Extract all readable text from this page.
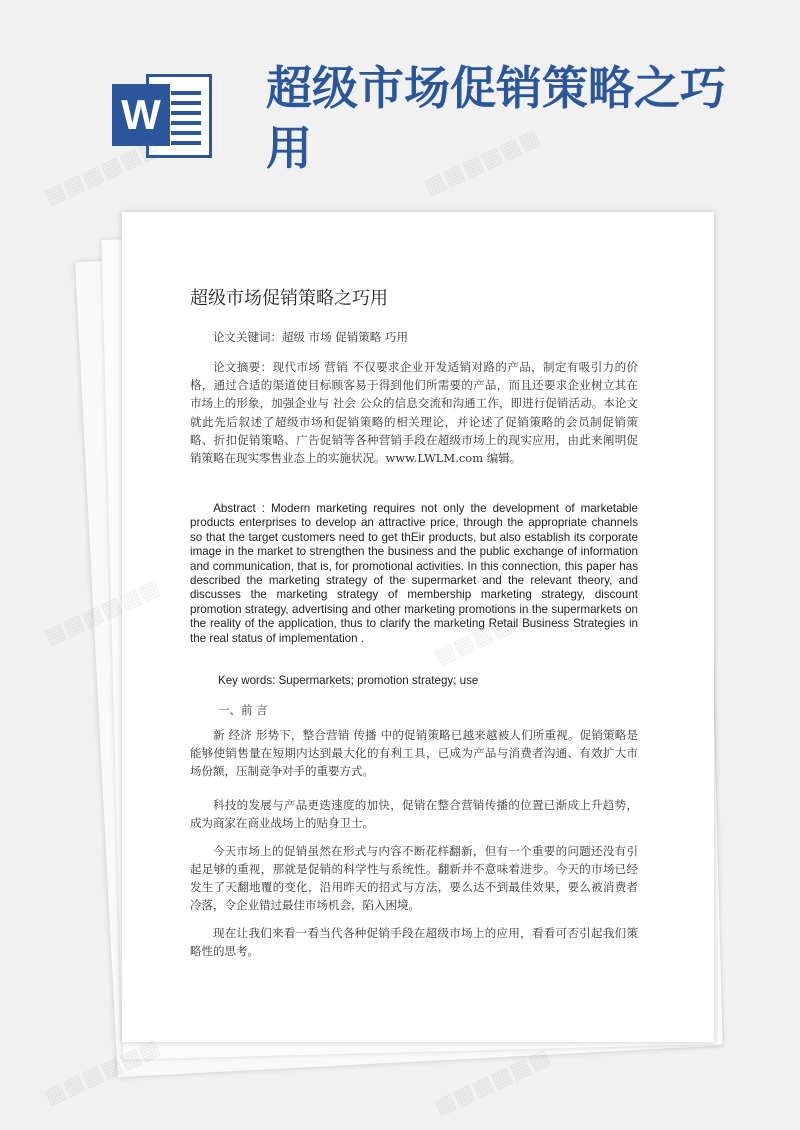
W 超级市场促销策略之巧用
超级市场促销策略之巧用

论文关键词：超级 市场 促销策略 巧用

论文摘要：现代市场 营销 不仅要求企业开发适销对路的产品，制定有吸引力的价格，通过合适的渠道使目标顾客易于得到他们所需要的产品，而且还要求企业树立其在市场上的形象，加强企业与 社会 公众的信息交流和沟通工作，即进行促销活动。本论文就此先后叙述了超级市场和促销策略的相关理论，并论述了促销策略的会员制促销策略、折扣促销策略、广告促销等各种营销手段在超级市场上的现实应用，由此来阐明促销策略在现实零售业态上的实施状况。www.LWLM.com 编辑。

Abstract : Modern marketing requires not only the development of marketable products enterprises to develop an attractive price, through the appropriate channels so that the target customers need to get thEir products, but also establish its corporate image in the market to strengthen the business and the public exchange of information and communication, that is, for promotional activities. In this connection, this paper has described the marketing strategy of the supermarket and the relevant theory, and discusses the marketing strategy of membership marketing strategy, discount promotion strategy, advertising and other marketing promotions in the supermarkets on the reality of the application, thus to clarify the marketing Retail Business Strategies in the real status of implementation .

Key words: Supermarkets; promotion strategy; use
一、前 言

新 经济 形势下，整合营销 传播 中的促销策略已越来越被人们所重视。促销策略是能够使销售量在短期内达到最大化的有利工具，已成为产品与消费者沟通、有效扩大市场份额，压制竞争对手的重要方式。

科技的发展与产品更迭速度的加快，促销在整合营销传播的位置已渐成上升趋势，成为商家在商业战场上的贴身卫士。

今天市场上的促销虽然在形式与内容不断花样翻新，但有一个重要的问题还没有引起足够的重视，那就是促销的科学性与系统性。翻新并不意味着进步。今天的市场已经发生了天翻地覆的变化，沿用昨天的招式与方法，要么达不到最佳效果，要么被消费者冷落，令企业错过最佳市场机会，陷入困境。

现在让我们来看一看当代各种促销手段在超级市场上的应用，看看可否引起我们策略性的思考。

▦▦▦▦▦▦	▦▦▦▦▦▦
▦▦▦▦▦▦	▦▦▦▦▦▦
